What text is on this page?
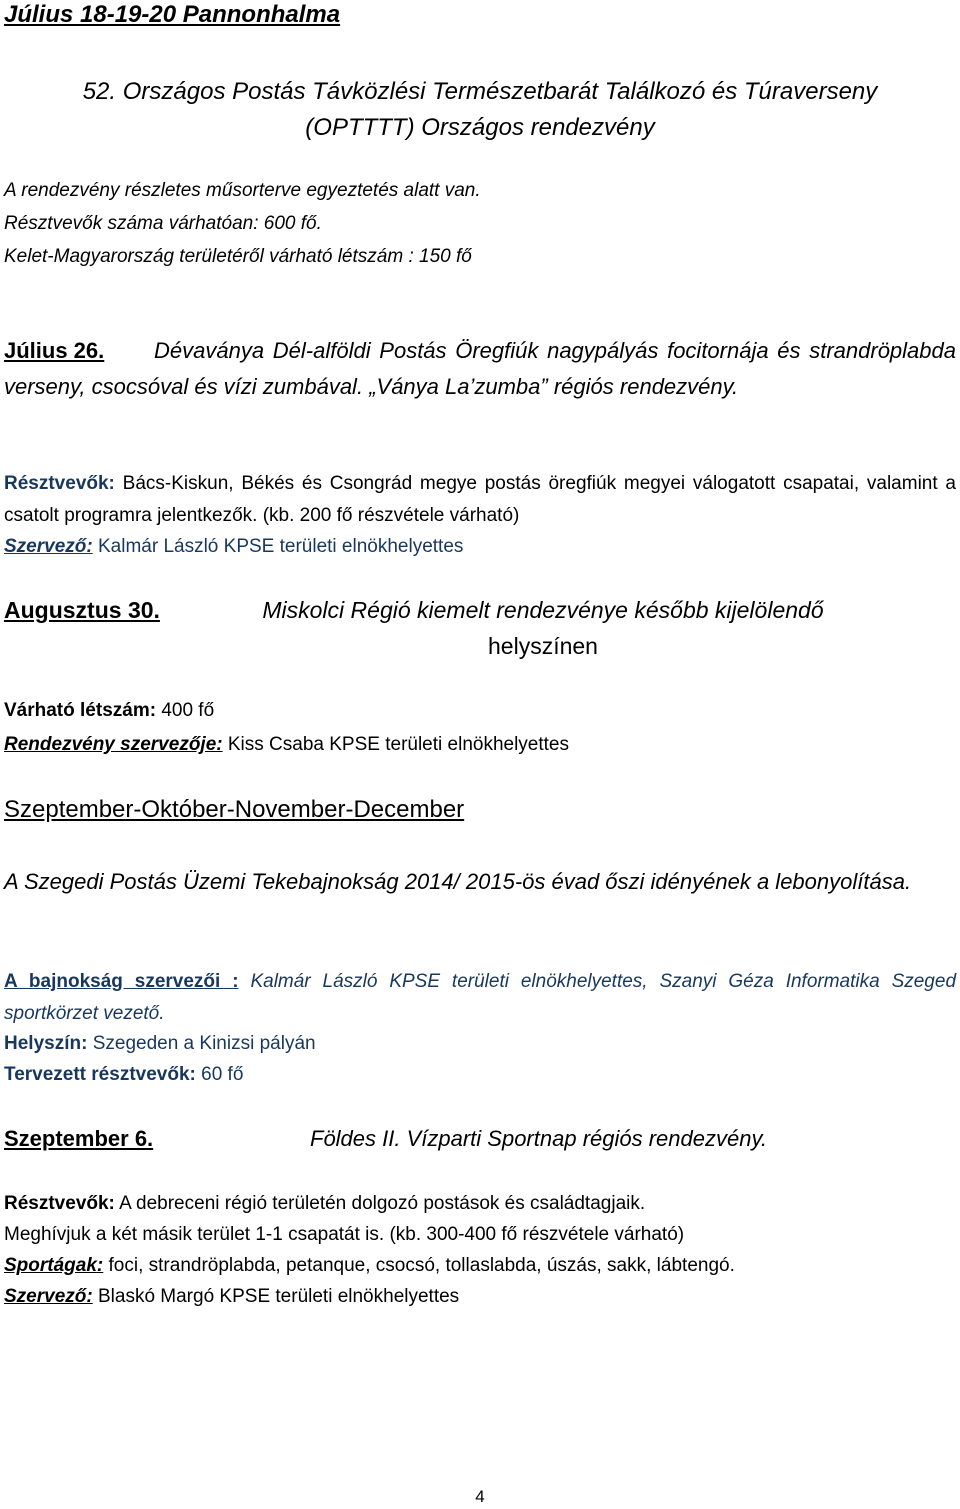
Július 18-19-20 Pannonhalma
52. Országos Postás Távközlési Természetbarát Találkozó és Túraverseny
(OPTTTT) Országos rendezvény
A rendezvény részletes műsorterve egyeztetés alatt van.
Résztvevők száma várhatóan: 600 fő.
Kelet-Magyarország területéről várható létszám : 150 fő
Július 26. Dévaványa Dél-alföldi Postás Öregfiúk nagypályás focitornája és strandröplabda verseny, csocsóval és vízi zumbával. „Ványa La’zumba” régiós rendezvény.
Résztvevők: Bács-Kiskun, Békés és Csongrád megye postás öregfiúk megyei válogatott csapatai, valamint a csatolt programra jelentkezők. (kb. 200 fő részvétele várható)
Szervező: Kalmár László KPSE területi elnökhelyettes
Augusztus 30.	Miskolci Régió kiemelt rendezvénye később kijelölendő
helyszínen
Várható létszám: 400 fő
Rendezvény szervezője: Kiss Csaba KPSE területi elnökhelyettes
Szeptember-Október-November-December
A Szegedi Postás Üzemi Tekebajnokság 2014/ 2015-ös évad őszi idényének a lebonyolítása.
A bajnokság szervezői : Kalmár László KPSE területi elnökhelyettes, Szanyi Géza Informatika Szeged sportkörzet vezető.
Helyszín: Szegeden a Kinizsi pályán
Tervezett résztvevők: 60 fő
Szeptember 6.	Földes II. Vízparti Sportnap régiós rendezvény.
Résztvevők: A debreceni régió területén dolgozó postások és családtagjaik.
Meghívjuk a két másik terület 1-1 csapatát is. (kb. 300-400 fő részvétele várható)
Sportágak: foci, strandröplabda, petanque, csocsó, tollaslabda, úszás, sakk, lábtengó.
Szervező: Blaskó Margó KPSE területi elnökhelyettes
4
